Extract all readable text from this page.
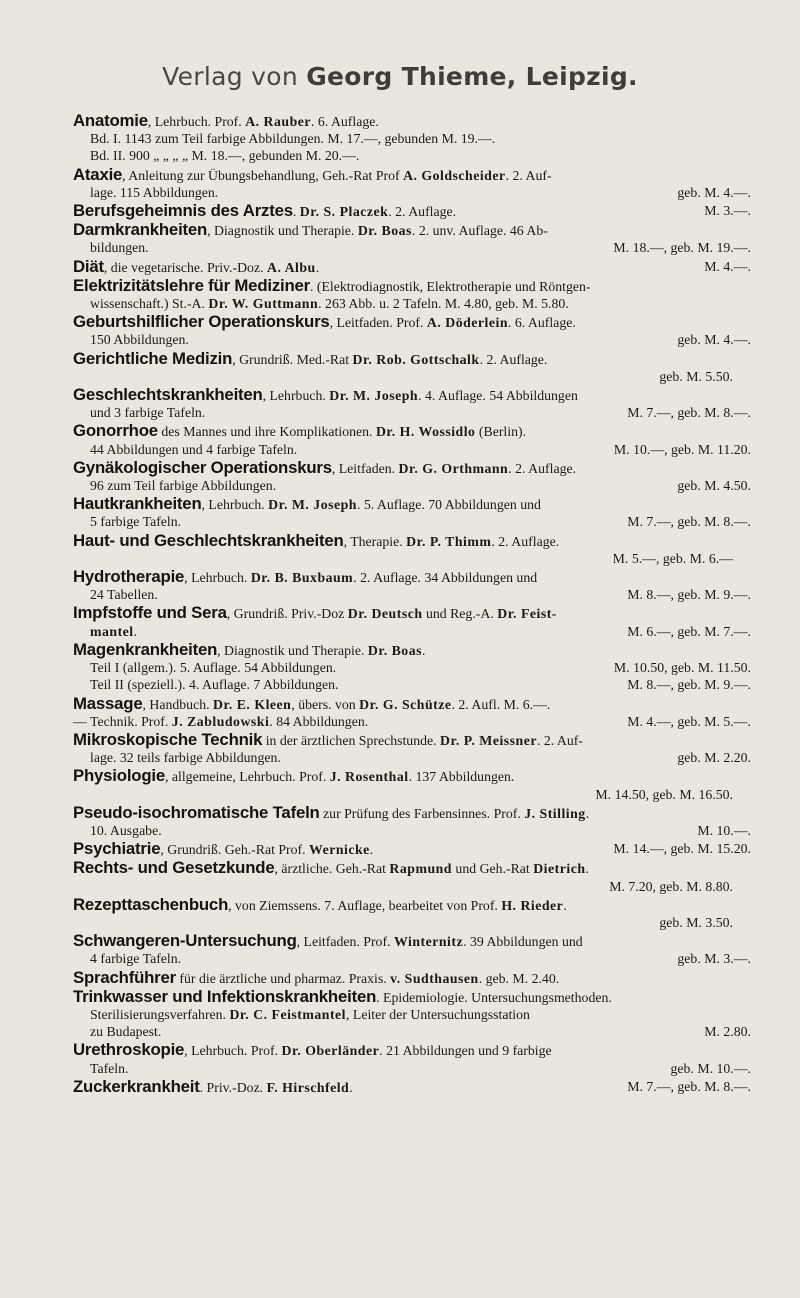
Verlag von Georg Thieme, Leipzig.
Anatomie, Lehrbuch. Prof. A. Rauber. 6. Auflage.
Bd. I. 1143 zum Teil farbige Abbildungen. M. 17.—, gebunden M. 19.—.
Bd. II. 900 „ „ „ „ M. 18.—, gebunden M. 20.—.
Ataxie, Anleitung zur Übungsbehandlung, Geh.-Rat Prof A. Goldscheider. 2. Auf-
geb. M. 4.—.
lage. 115 Abbildungen.
M. 3.—.
Berufsgeheimnis des Arztes. Dr. S. Placzek. 2. Auflage.
Darmkrankheiten, Diagnostik und Therapie. Dr. Boas. 2. unv. Auflage. 46 Ab-
M. 18.—, geb. M. 19.—.
bildungen.
M. 4.—.
Diät, die vegetarische. Priv.-Doz. A. Albu.
Elektrizitätslehre für Mediziner. (Elektrodiagnostik, Elektrotherapie und Röntgen-
wissenschaft.) St.-A. Dr. W. Guttmann. 263 Abb. u. 2 Tafeln. M. 4.80, geb. M. 5.80.
Geburtshilflicher Operationskurs, Leitfaden. Prof. A. Döderlein. 6. Auflage.
geb. M. 4.—.
150 Abbildungen.
Gerichtliche Medizin, Grundriß. Med.-Rat Dr. Rob. Gottschalk. 2. Auflage.
geb. M. 5.50.
Geschlechtskrankheiten, Lehrbuch. Dr. M. Joseph. 4. Auflage. 54 Abbildungen
M. 7.—, geb. M. 8.—.
und 3 farbige Tafeln.
Gonorrhoe des Mannes und ihre Komplikationen. Dr. H. Wossidlo (Berlin).
M. 10.—, geb. M. 11.20.
44 Abbildungen und 4 farbige Tafeln.
Gynäkologischer Operationskurs, Leitfaden. Dr. G. Orthmann. 2. Auflage.
geb. M. 4.50.
96 zum Teil farbige Abbildungen.
Hautkrankheiten, Lehrbuch. Dr. M. Joseph. 5. Auflage. 70 Abbildungen und
M. 7.—, geb. M. 8.—.
5 farbige Tafeln.
Haut- und Geschlechtskrankheiten, Therapie. Dr. P. Thimm. 2. Auflage.
M. 5.—, geb. M. 6.—
Hydrotherapie, Lehrbuch. Dr. B. Buxbaum. 2. Auflage. 34 Abbildungen und
M. 8.—, geb. M. 9.—.
24 Tabellen.
Impfstoffe und Sera, Grundriß. Priv.-Doz Dr. Deutsch und Reg.-A. Dr. Feist-
M. 6.—, geb. M. 7.—.
mantel.
Magenkrankheiten, Diagnostik und Therapie. Dr. Boas.
M. 10.50, geb. M. 11.50.
Teil I (allgem.). 5. Auflage. 54 Abbildungen.
M. 8.—, geb. M. 9.—.
Teil II (speziell.). 4. Auflage. 7 Abbildungen.
Massage, Handbuch. Dr. E. Kleen, übers. von Dr. G. Schütze. 2. Aufl. M. 6.—.
M. 4.—, geb. M. 5.—.
— Technik. Prof. J. Zabludowski. 84 Abbildungen.
Mikroskopische Technik in der ärztlichen Sprechstunde. Dr. P. Meissner. 2. Auf-
geb. M. 2.20.
lage. 32 teils farbige Abbildungen.
Physiologie, allgemeine, Lehrbuch. Prof. J. Rosenthal. 137 Abbildungen.
M. 14.50, geb. M. 16.50.
Pseudo-isochromatische Tafeln zur Prüfung des Farbensinnes. Prof. J. Stilling.
M. 10.—.
10. Ausgabe.
M. 14.—, geb. M. 15.20.
Psychiatrie, Grundriß. Geh.-Rat Prof. Wernicke.
Rechts- und Gesetzkunde, ärztliche. Geh.-Rat Rapmund und Geh.-Rat Dietrich.
M. 7.20, geb. M. 8.80.
Rezepttaschenbuch, von Ziemssens. 7. Auflage, bearbeitet von Prof. H. Rieder.
geb. M. 3.50.
Schwangeren-Untersuchung, Leitfaden. Prof. Winternitz. 39 Abbildungen und
geb. M. 3.—.
4 farbige Tafeln.
Sprachführer für die ärztliche und pharmaz. Praxis. v. Sudthausen. geb. M. 2.40.
Trinkwasser und Infektionskrankheiten. Epidemiologie. Untersuchungsmethoden.
Sterilisierungsverfahren. Dr. C. Feistmantel, Leiter der Untersuchungsstation
M. 2.80.
zu Budapest.
Urethroskopie, Lehrbuch. Prof. Dr. Oberländer. 21 Abbildungen und 9 farbige
geb. M. 10.—.
Tafeln.
M. 7.—, geb. M. 8.—.
Zuckerkrankheit. Priv.-Doz. F. Hirschfeld.
